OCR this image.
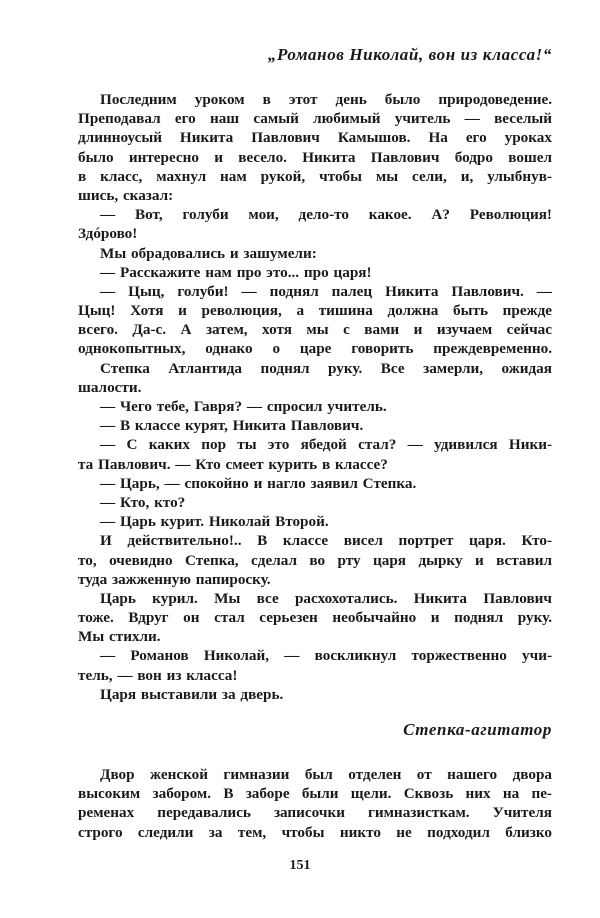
„Романов Николай, вон из класса!“
Последним уроком в этот день было природоведение.
Преподавал его наш самый любимый учитель — веселый
длинноусый Никита Павлович Камышов. На его уроках
было интересно и весело. Никита Павлович бодро вошел
в класс, махнул нам рукой, чтобы мы сели, и, улыбнув-
шись, сказал:
— Вот, голуби мои, дело-то какое. А? Революция!
Здóрово!
Мы обрадовались и зашумели:
— Расскажите нам про это... про царя!
— Цыц, голуби! — поднял палец Никита Павлович. —
Цыц! Хотя и революция, а тишина должна быть прежде
всего. Да-с. А затем, хотя мы с вами и изучаем сейчас
однокопытных, однако о царе говорить преждевременно.
Степка Атлантида поднял руку. Все замерли, ожидая
шалости.
— Чего тебе, Гавря? — спросил учитель.
— В классе курят, Никита Павлович.
— С каких пор ты это ябедой стал? — удивился Ники-
та Павлович. — Кто смеет курить в классе?
— Царь, — спокойно и нагло заявил Степка.
— Кто, кто?
— Царь курит. Николай Второй.
И действительно!.. В классе висел портрет царя. Кто-
то, очевидно Степка, сделал во рту царя дырку и вставил
туда зажженную папироску.
Царь курил. Мы все расхохотались. Никита Павлович
тоже. Вдруг он стал серьезен необычайно и поднял руку.
Мы стихли.
— Романов Николай, — воскликнул торжественно учи-
тель, — вон из класса!
Царя выставили за дверь.
Степка-агитатор
Двор женской гимназии был отделен от нашего двора
высоким забором. В заборе были щели. Сквозь них на пе-
ременах передавались записочки гимназисткам. Учителя
строго следили за тем, чтобы никто не подходил близко
151
